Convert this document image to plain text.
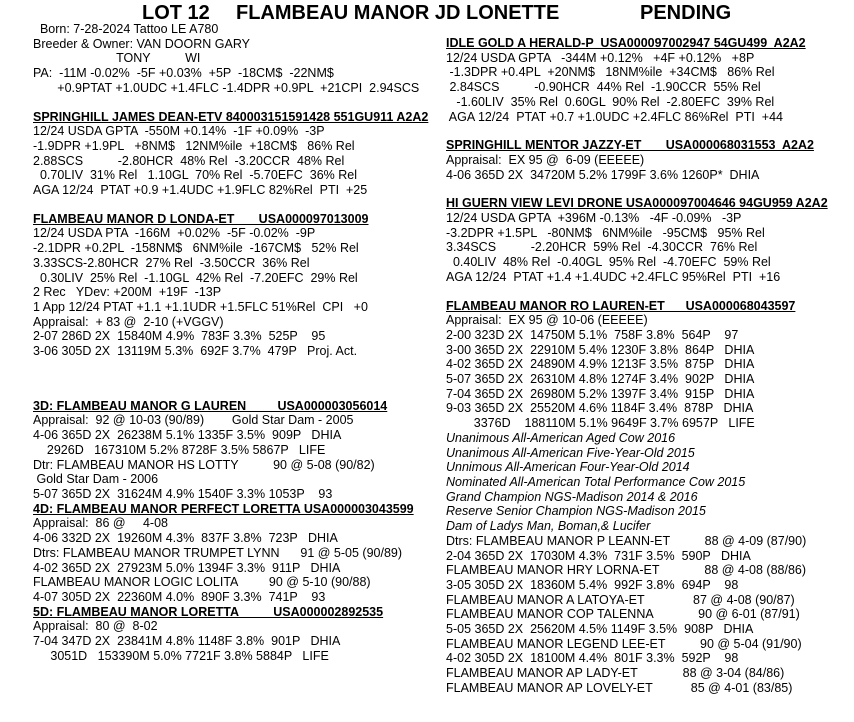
LOT 12 FLAMBEAU MANOR JD LONETTE	PENDING
Born: 7-28-2024 Tattoo LE A780
Breeder & Owner: VAN DOORN GARY
TONY          WI
PA:  -11M -0.02%  -5F +0.03%  +5P  -18CM$  -22NM$
+0.9PTAT +1.0UDC +1.4FLC -1.4DPR +0.9PL  +21CPI  2.94SCS
SPRINGHILL JAMES DEAN-ETV 840003151591428 551GU911 A2A2
12/24 USDA GPTA  -550M +0.14%  -1F +0.09%  -3P
-1.9DPR +1.9PL   +8NM$   12NM%ile  +18CM$   86% Rel
2.88SCS          -2.80HCR  48% Rel  -3.20CCR  48% Rel
0.70LIV  31% Rel   1.10GL  70% Rel  -5.70EFC  36% Rel
AGA 12/24  PTAT +0.9 +1.4UDC +1.9FLC 82%Rel  PTI  +25
FLAMBEAU MANOR D LONDA-ET       USA000097013009
12/24 USDA PTA  -166M  +0.02%  -5F -0.02%  -9P
-2.1DPR +0.2PL  -158NM$   6NM%ile  -167CM$   52% Rel
3.33SCS-2.80HCR  27% Rel  -3.50CCR  36% Rel
0.30LIV  25% Rel  -1.10GL  42% Rel  -7.20EFC  29% Rel
2 Rec   YDev: +200M  +19F  -13P
1 App 12/24 PTAT +1.1 +1.1UDR +1.5FLC 51%Rel  CPI   +0
Appraisal:  + 83 @  2-10 (+VGGV)
2-07 286D 2X  15840M 4.9%  783F 3.3%  525P    95
3-06 305D 2X  13119M 5.3%  692F 3.7%  479P   Proj. Act.
3D: FLAMBEAU MANOR G LAUREN         USA000003056014
Appraisal:  92 @ 10-03 (90/89)        Gold Star Dam - 2005
4-06 365D 2X  26238M 5.1% 1335F 3.5%  909P   DHIA
2926D   167310M 5.2% 8728F 3.5% 5867P   LIFE
Dtr: FLAMBEAU MANOR HS LOTTY          90 @ 5-08 (90/82)
Gold Star Dam - 2006
5-07 365D 2X  31624M 4.9% 1540F 3.3% 1053P    93
4D: FLAMBEAU MANOR PERFECT LORETTA USA000003043599
Appraisal:  86 @     4-08
4-06 332D 2X  19260M 4.3%  837F 3.8%  723P   DHIA
Dtrs: FLAMBEAU MANOR TRUMPET LYNN      91 @ 5-05 (90/89)
4-02 365D 2X  27923M 5.0% 1394F 3.3%  911P   DHIA
FLAMBEAU MANOR LOGIC LOLITA         90 @ 5-10 (90/88)
4-07 305D 2X  22360M 4.0%  890F 3.3%  741P    93
5D: FLAMBEAU MANOR LORETTA          USA000002892535
Appraisal:  80 @  8-02
7-04 347D 2X  23841M 4.8% 1148F 3.8%  901P   DHIA
3051D   153390M 5.0% 7721F 3.8% 5884P   LIFE
IDLE GOLD A HERALD-P  USA000097002947 54GU499  A2A2
12/24 USDA GPTA   -344M +0.12%   +4F +0.12%   +8P
-1.3DPR +0.4PL  +20NM$   18NM%ile  +34CM$   86% Rel
2.84SCS          -0.90HCR  44% Rel  -1.90CCR  55% Rel
-1.60LIV  35% Rel  0.60GL  90% Rel  -2.80EFC  39% Rel
AGA 12/24  PTAT +0.7 +1.0UDC +2.4FLC 86%Rel  PTI  +44
SPRINGHILL MENTOR JAZZY-ET       USA000068031553  A2A2
Appraisal:  EX 95 @  6-09 (EEEEE)
4-06 365D 2X  34720M 5.2% 1799F 3.6% 1260P*  DHIA
HI GUERN VIEW LEVI DRONE USA000097004646 94GU959 A2A2
12/24 USDA GPTA  +396M -0.13%   -4F -0.09%   -3P
-3.2DPR +1.5PL   -80NM$   6NM%ile   -95CM$   95% Rel
3.34SCS          -2.20HCR  59% Rel  -4.30CCR  76% Rel
0.40LIV  48% Rel  -0.40GL  95% Rel  -4.70EFC  59% Rel
AGA 12/24  PTAT +1.4 +1.4UDC +2.4FLC 95%Rel  PTI  +16
FLAMBEAU MANOR RO LAUREN-ET      USA000068043597
Appraisal:  EX 95 @ 10-06 (EEEEE)
2-00 323D 2X  14750M 5.1%  758F 3.8%  564P    97
3-00 365D 2X  22910M 5.4% 1230F 3.8%  864P   DHIA
4-02 365D 2X  24890M 4.9% 1213F 3.5%  875P   DHIA
5-07 365D 2X  26310M 4.8% 1274F 3.4%  902P   DHIA
7-04 365D 2X  26980M 5.2% 1397F 3.4%  915P   DHIA
9-03 365D 2X  25520M 4.6% 1184F 3.4%  878P   DHIA
3376D    188110M 5.1% 9649F 3.7% 6957P   LIFE
Unanimous All-American Aged Cow 2016
Unanimous All-American Five-Year-Old 2015
Unnimous All-American Four-Year-Old 2014
Nominated All-American Total Performance Cow 2015
Grand Champion NGS-Madison 2014 & 2016
Reserve Senior Champion NGS-Madison 2015
Dam of Ladys Man, Boman,& Lucifer
Dtrs: FLAMBEAU MANOR P LEANN-ET          88 @ 4-09 (87/90)
2-04 365D 2X  17030M 4.3%  731F 3.5%  590P   DHIA
FLAMBEAU MANOR HRY LORNA-ET             88 @ 4-08 (88/86)
3-05 305D 2X  18360M 5.4%  992F 3.8%  694P    98
FLAMBEAU MANOR A LATOYA-ET              87 @ 4-08 (90/87)
FLAMBEAU MANOR COP TALENNA             90 @ 6-01 (87/91)
5-05 365D 2X  25620M 4.5% 1149F 3.5%  908P   DHIA
FLAMBEAU MANOR LEGEND LEE-ET          90 @ 5-04 (91/90)
4-02 305D 2X  18100M 4.4%  801F 3.3%  592P    98
FLAMBEAU MANOR AP LADY-ET             88 @ 3-04 (84/86)
FLAMBEAU MANOR AP LOVELY-ET           85 @ 4-01 (83/85)
